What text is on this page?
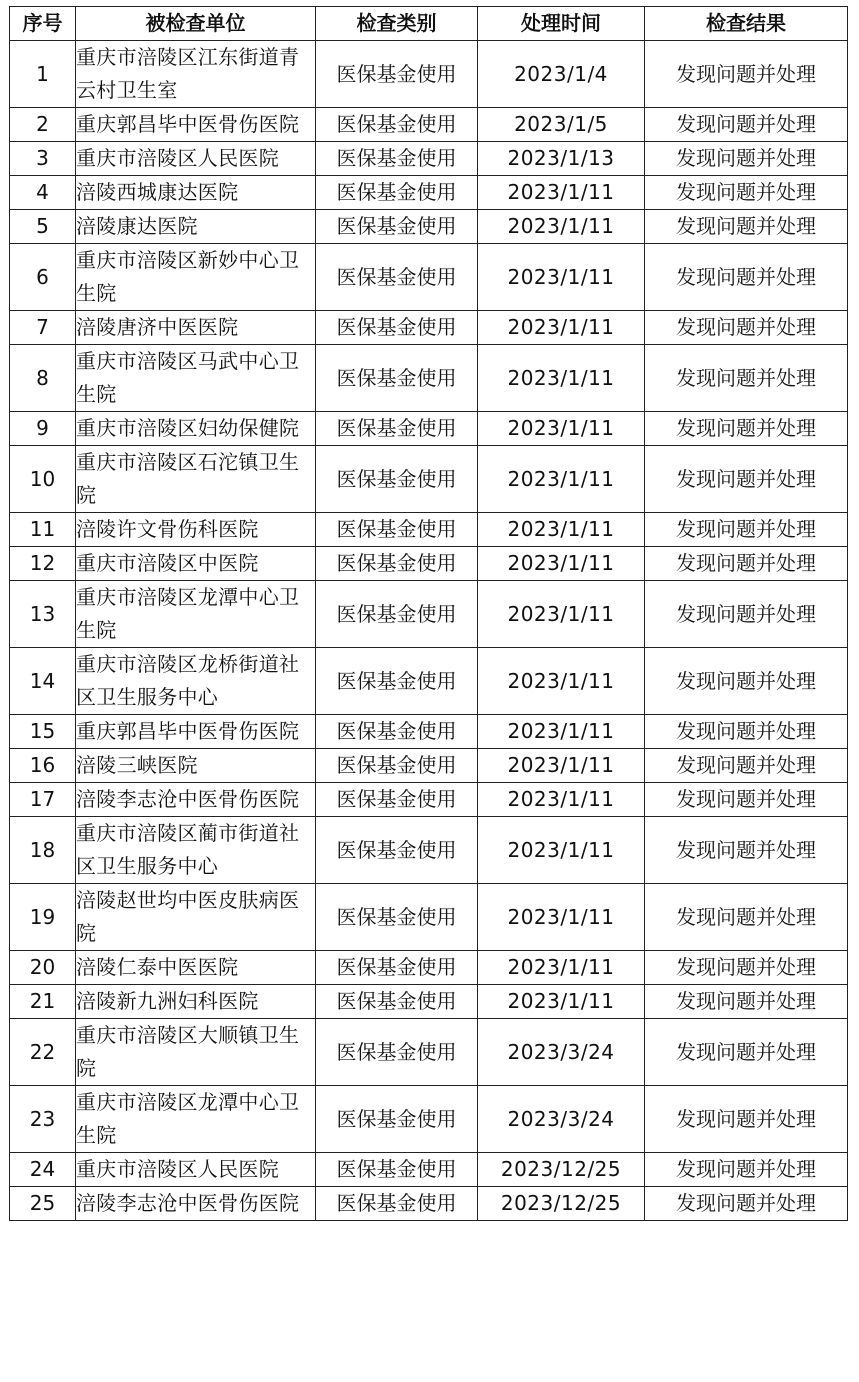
序号	被检查单位	检查类别	处理时间	检查结果
1	重庆市涪陵区江东街道青云村卫生室	医保基金使用	2023/1/4	发现问题并处理
2	重庆郭昌毕中医骨伤医院	医保基金使用	2023/1/5	发现问题并处理
3	重庆市涪陵区人民医院	医保基金使用	2023/1/13	发现问题并处理
4	涪陵西城康达医院	医保基金使用	2023/1/11	发现问题并处理
5	涪陵康达医院	医保基金使用	2023/1/11	发现问题并处理
6	重庆市涪陵区新妙中心卫生院	医保基金使用	2023/1/11	发现问题并处理
7	涪陵唐济中医医院	医保基金使用	2023/1/11	发现问题并处理
8	重庆市涪陵区马武中心卫生院	医保基金使用	2023/1/11	发现问题并处理
9	重庆市涪陵区妇幼保健院	医保基金使用	2023/1/11	发现问题并处理
10	重庆市涪陵区石沱镇卫生院	医保基金使用	2023/1/11	发现问题并处理
11	涪陵许文骨伤科医院	医保基金使用	2023/1/11	发现问题并处理
12	重庆市涪陵区中医院	医保基金使用	2023/1/11	发现问题并处理
13	重庆市涪陵区龙潭中心卫生院	医保基金使用	2023/1/11	发现问题并处理
14	重庆市涪陵区龙桥街道社区卫生服务中心	医保基金使用	2023/1/11	发现问题并处理
15	重庆郭昌毕中医骨伤医院	医保基金使用	2023/1/11	发现问题并处理
16	涪陵三峡医院	医保基金使用	2023/1/11	发现问题并处理
17	涪陵李志沧中医骨伤医院	医保基金使用	2023/1/11	发现问题并处理
18	重庆市涪陵区蔺市街道社区卫生服务中心	医保基金使用	2023/1/11	发现问题并处理
19	涪陵赵世均中医皮肤病医院	医保基金使用	2023/1/11	发现问题并处理
20	涪陵仁泰中医医院	医保基金使用	2023/1/11	发现问题并处理
21	涪陵新九洲妇科医院	医保基金使用	2023/1/11	发现问题并处理
22	重庆市涪陵区大顺镇卫生院	医保基金使用	2023/3/24	发现问题并处理
23	重庆市涪陵区龙潭中心卫生院	医保基金使用	2023/3/24	发现问题并处理
24	重庆市涪陵区人民医院	医保基金使用	2023/12/25	发现问题并处理
25	涪陵李志沧中医骨伤医院	医保基金使用	2023/12/25	发现问题并处理
